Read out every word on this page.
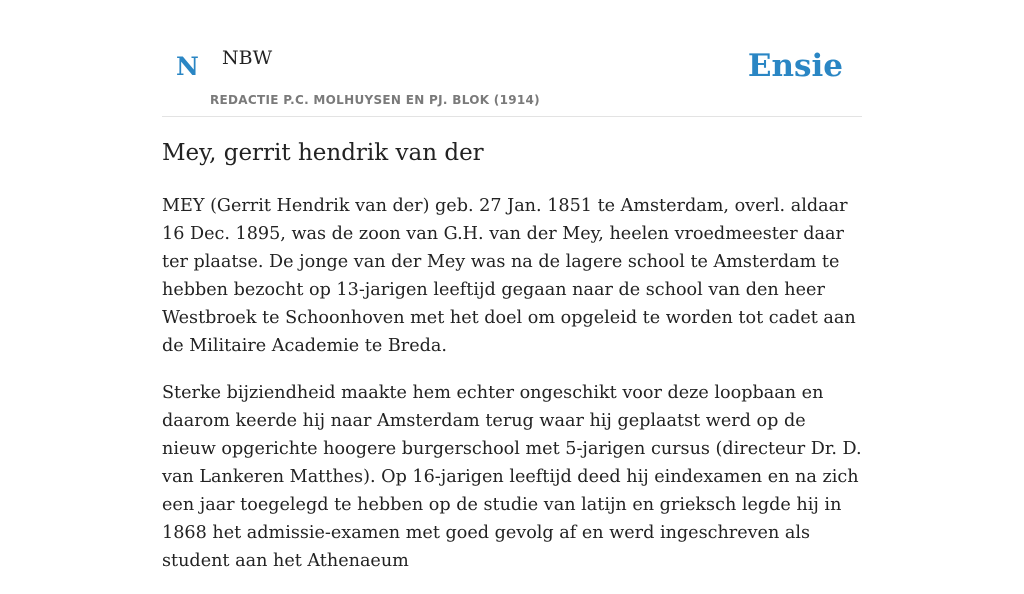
N NBW
REDACTIE P.C. MOLHUYSEN EN PJ. BLOK (1914)
Ensie
Mey, gerrit hendrik van der

MEY (Gerrit Hendrik van der) geb. 27 Jan. 1851 te Amsterdam, overl. aldaar 16 Dec. 1895, was de zoon van G.H. van der Mey, heelen vroedmeester daar ter plaatse. De jonge van der Mey was na de lagere school te Amsterdam te hebben bezocht op 13-jarigen leeftijd gegaan naar de school van den heer Westbroek te Schoonhoven met het doel om opgeleid te worden tot cadet aan de Militaire Academie te Breda.

Sterke bijziendheid maakte hem echter ongeschikt voor deze loopbaan en daarom keerde hij naar Amsterdam terug waar hij geplaatst werd op de nieuw opgerichte hoogere burgerschool met 5-jarigen cursus (directeur Dr. D. van Lankeren Matthes). Op 16-jarigen leeftijd deed hij eindexamen en na zich een jaar toegelegd te hebben op de studie van latijn en grieksch legde hij in 1868 het admissie-examen met goed gevolg af en werd ingeschreven als student aan het Athenaeum
